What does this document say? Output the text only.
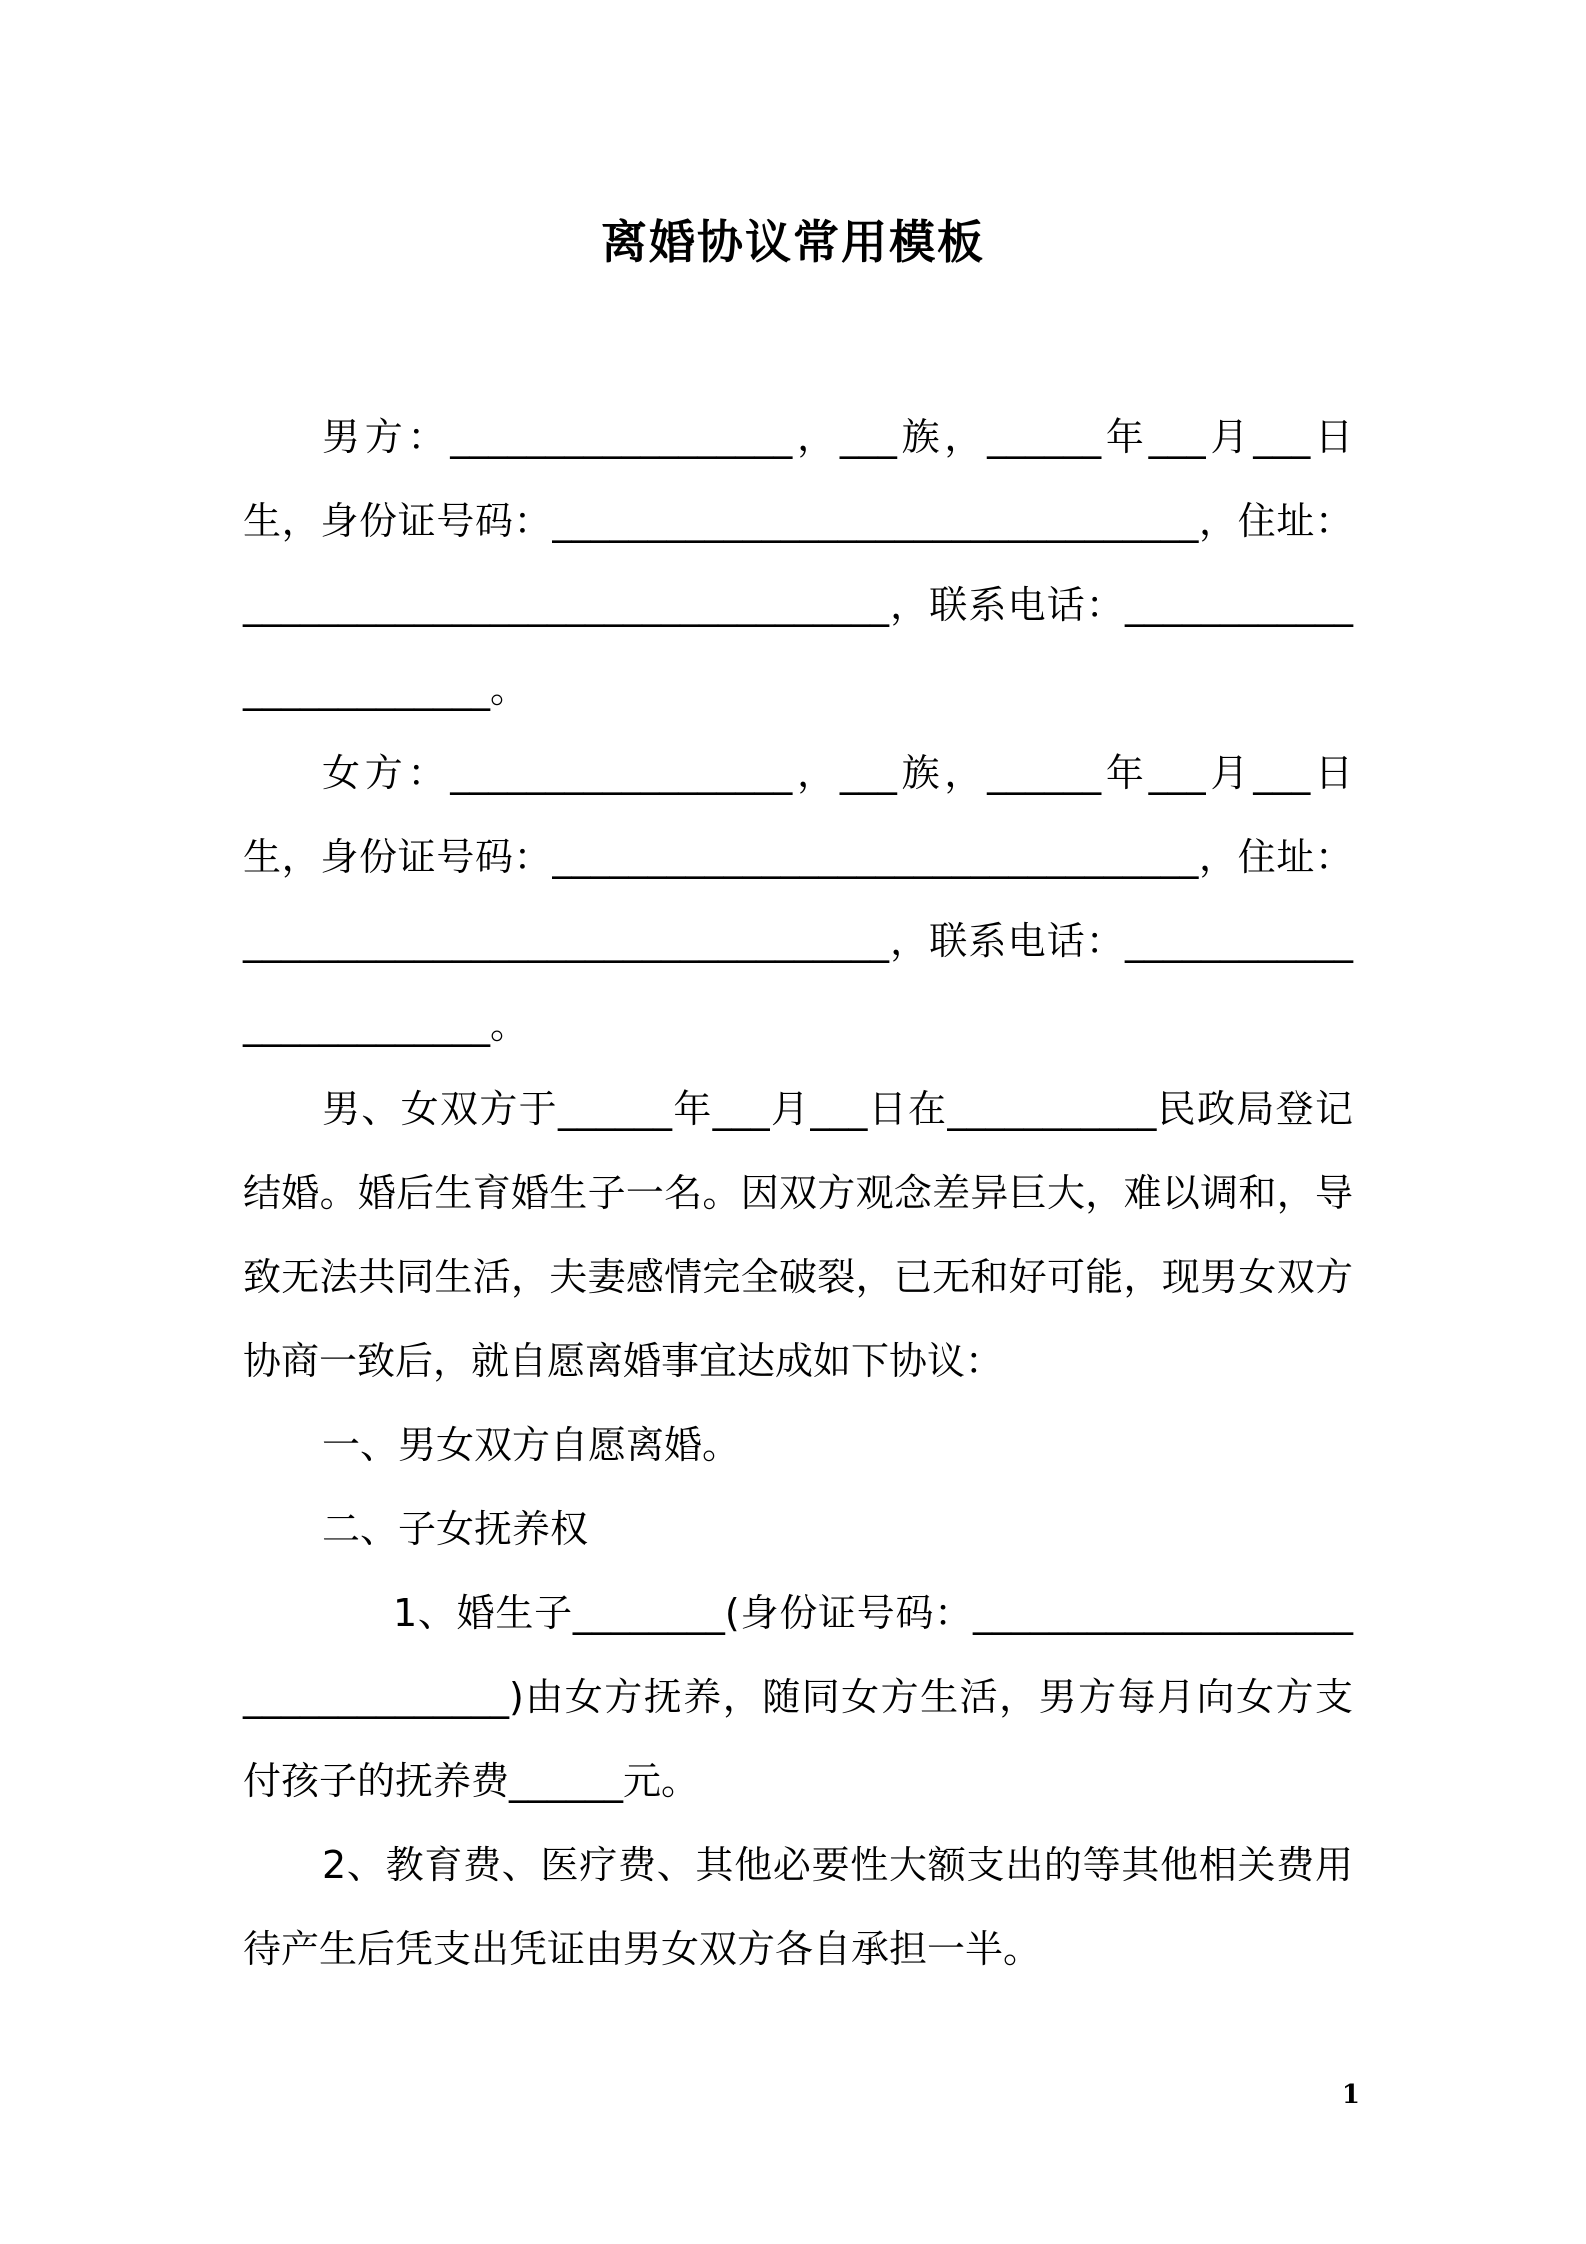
离婚协议常用模板

男方：__________________，___族，______年___月___日生，身份证号码：__________________________________，住址：__________________________________，联系电话：_________________________。

女方：__________________，___族，______年___月___日生，身份证号码：__________________________________，住址：__________________________________，联系电话：_________________________。

男、女双方于______年___月___日在___________民政局登记结婚。婚后生育婚生子一名。因双方观念差异巨大，难以调和，导致无法共同生活，夫妻感情完全破裂，已无和好可能，现男女双方协商一致后，就自愿离婚事宜达成如下协议：

一、男女双方自愿离婚。

二、子女抚养权

1、婚生子________(身份证号码：__________________________________)由女方抚养，随同女方生活，男方每月向女方支付孩子的抚养费______元。

2、教育费、医疗费、其他必要性大额支出的等其他相关费用待产生后凭支出凭证由男女双方各自承担一半。

1
